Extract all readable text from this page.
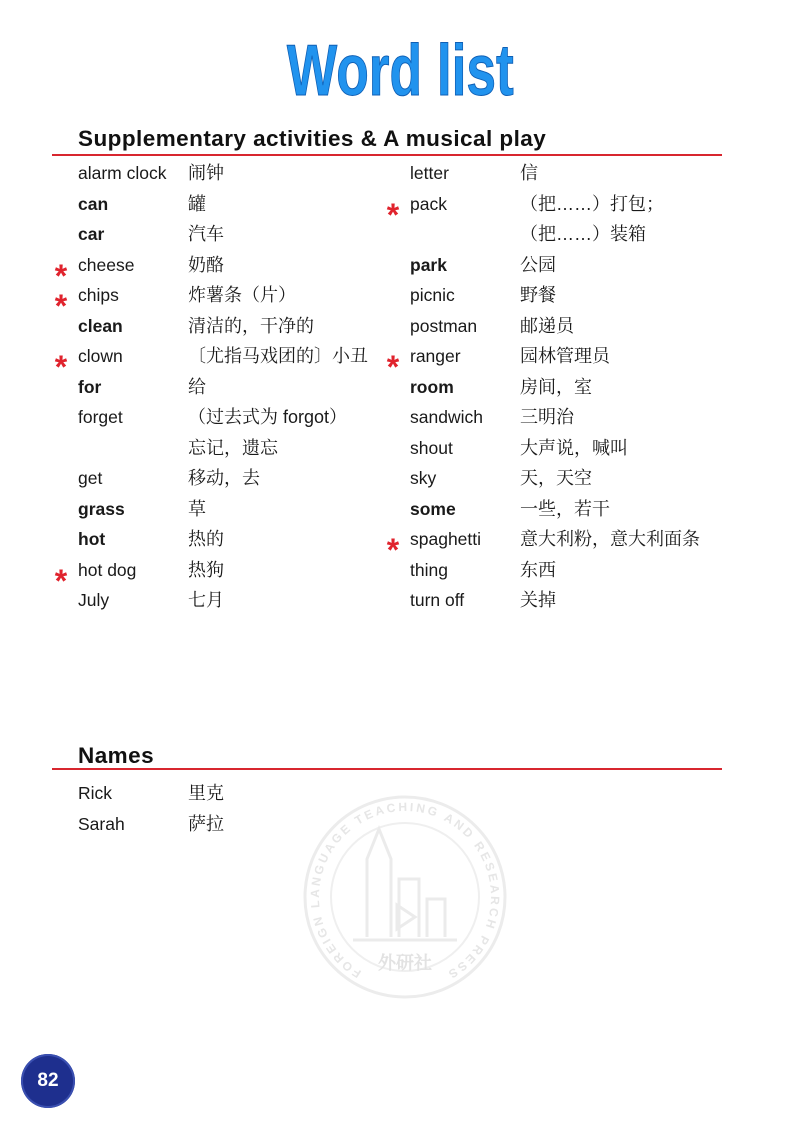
Word list
FOREIGN LANGUAGE TEACHING AND RESEARCH PRESS
外研社
Supplementary activities & A musical play
alarm clock 闹钟
can	罐
car	汽车
* cheese	奶酪
* chips	炸薯条（片）
clean	清洁的，干净的
* clown	〔尤指马戏团的〕小丑
for	给
forget	（过去式为 forgot）
忘记，遗忘
get	移动，去
grass	草
hot	热的
* hot dog	热狗
July	七月
letter	信
* pack	（把……）打包；
（把……）装箱
park	公园
picnic	野餐
postman 邮递员
* ranger	园林管理员
room	房间，室
sandwich 三明治
shout	大声说，喊叫
sky	天，天空
some	一些，若干
* spaghetti 意大利粉，意大利面条
thing	东西
turn off	关掉
Names
Rick	里克
Sarah	萨拉
82
